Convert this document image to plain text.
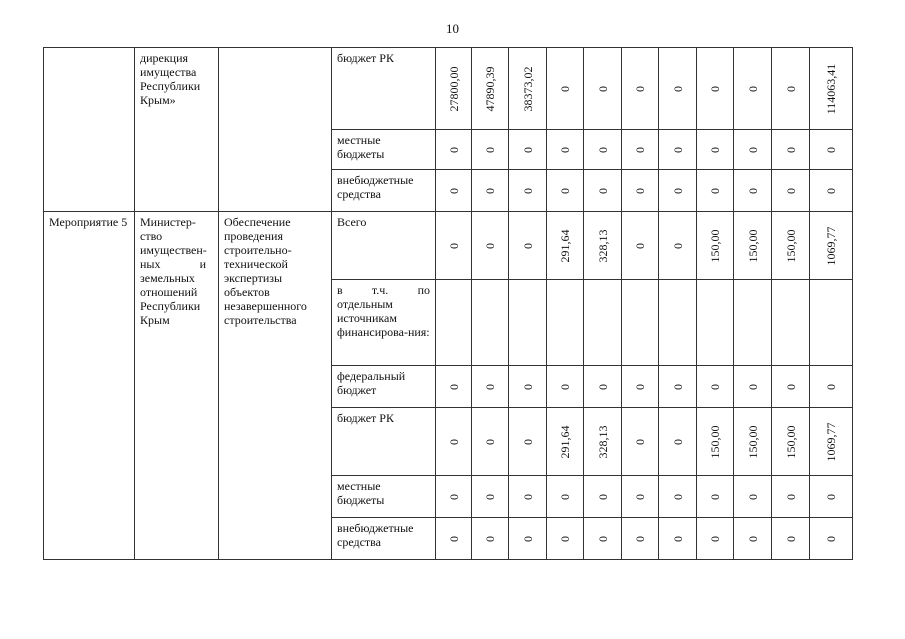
10

	дирекция имущества Республики Крым»		бюджет РК	27800,00	47890,39	38373,02	0	0	0	0	0	0	0	114063,41

			местные бюджеты	0	0	0	0	0	0	0	0	0	0	0

			внебюджетные средства	0	0	0	0	0	0	0	0	0	0	0

Мероприятие 5	Министер-ство имуществен-ных и земельных отношений Республики Крым	Обеспечение проведения строительно-технической экспертизы объектов незавершенного строительства	Всего	0	0	0	291,64	328,13	0	0	150,00	150,00	150,00	1069,77

			в т.ч. по отдельным источникам финансирова-ния:											

			федеральный бюджет	0	0	0	0	0	0	0	0	0	0	0

			бюджет РК	0	0	0	291,64	328,13	0	0	150,00	150,00	150,00	1069,77

			местные бюджеты	0	0	0	0	0	0	0	0	0	0	0

			внебюджетные средства	0	0	0	0	0	0	0	0	0	0	0
